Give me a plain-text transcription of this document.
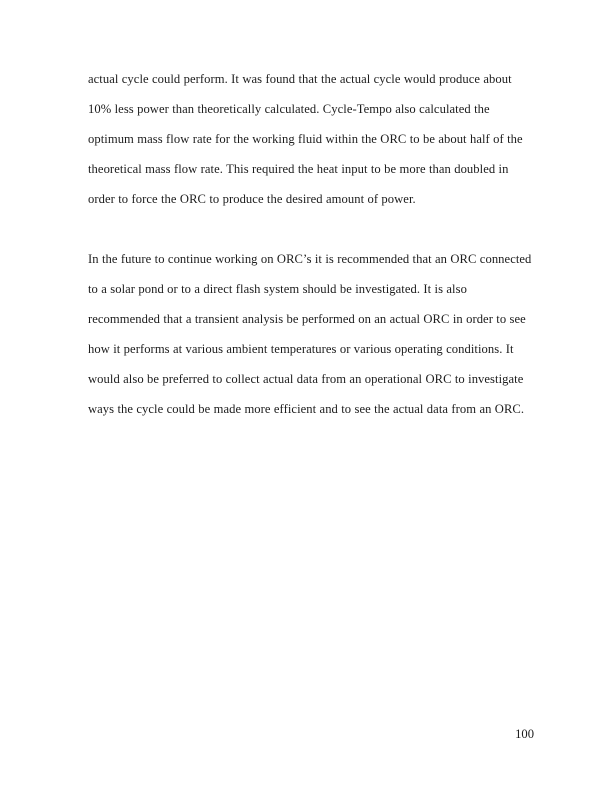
actual cycle could perform. It was found that the actual cycle would produce about 10% less power than theoretically calculated. Cycle-Tempo also calculated the optimum mass flow rate for the working fluid within the ORC to be about half of the theoretical mass flow rate. This required the heat input to be more than doubled in order to force the ORC to produce the desired amount of power.

In the future to continue working on ORC’s it is recommended that an ORC connected to a solar pond or to a direct flash system should be investigated. It is also recommended that a transient analysis be performed on an actual ORC in order to see how it performs at various ambient temperatures or various operating conditions. It would also be preferred to collect actual data from an operational ORC to investigate ways the cycle could be made more efficient and to see the actual data from an ORC.

100
